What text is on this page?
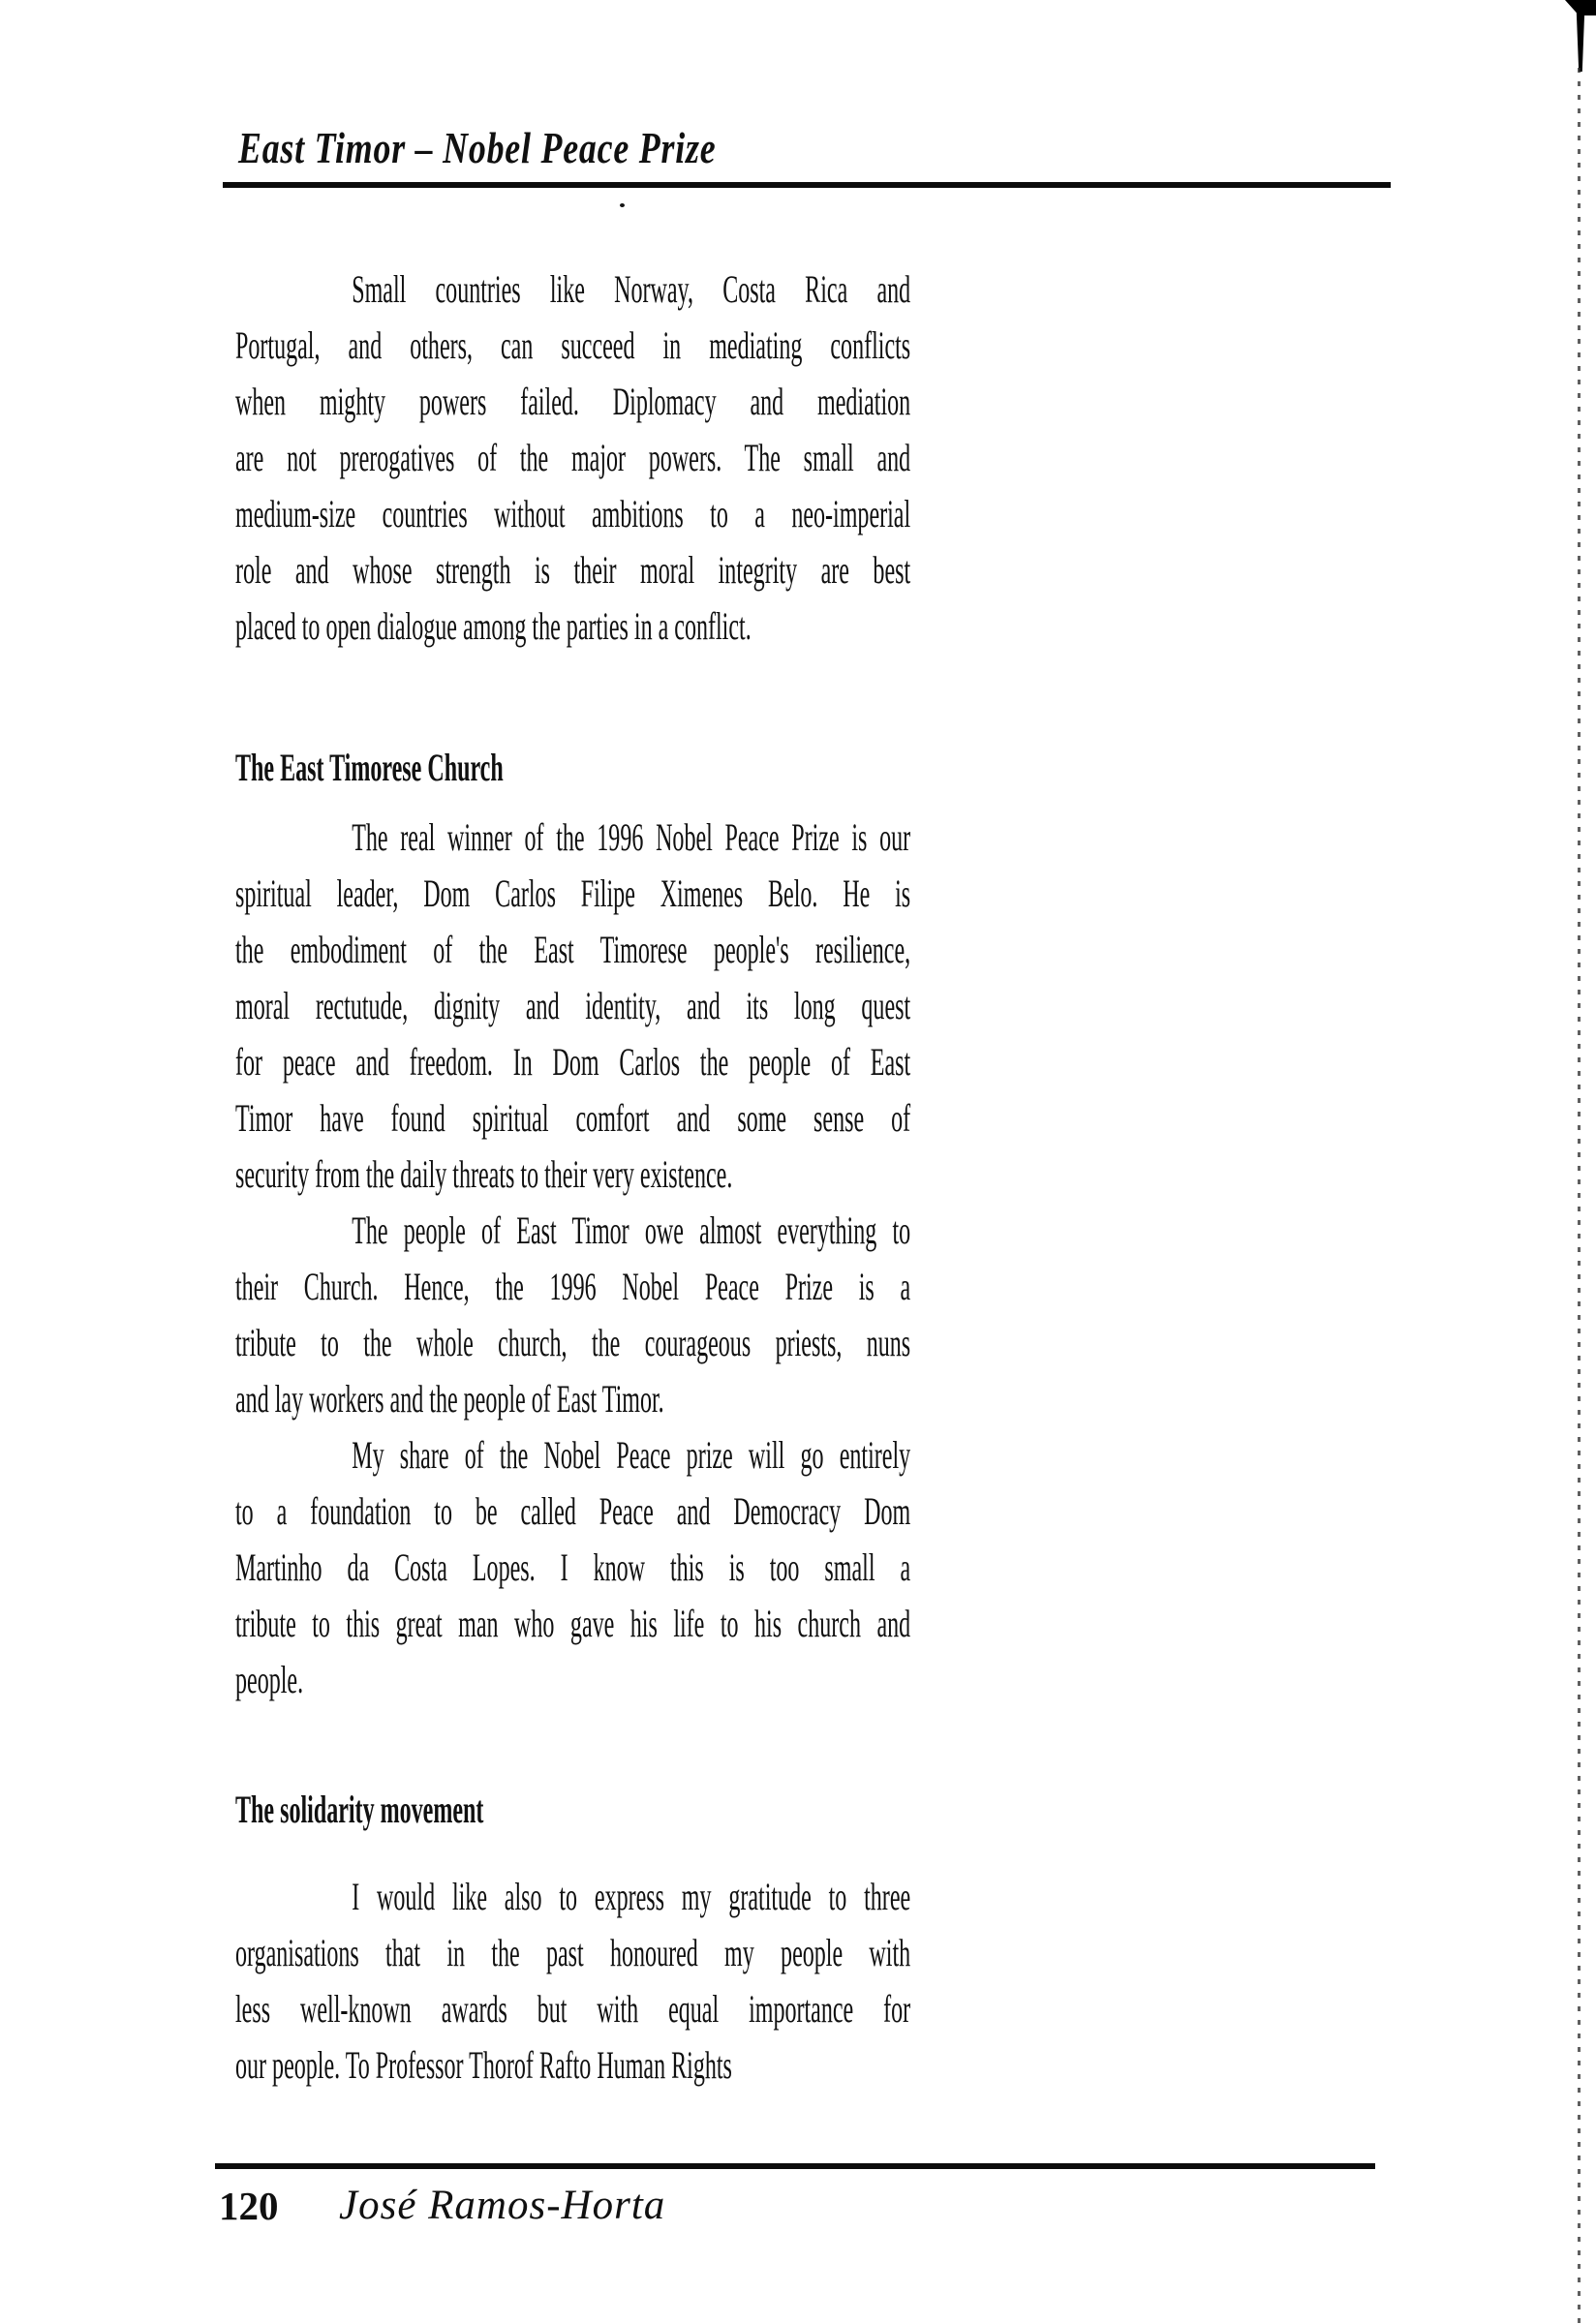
East Timor – Nobel Peace Prize
Small countries like Norway, Costa Rica and
Portugal, and others, can succeed in mediating conflicts
when mighty powers failed. Diplomacy and mediation
are not prerogatives of the major powers. The small and
medium-size countries without ambitions to a neo-imperial
role and whose strength is their moral integrity are best
placed to open dialogue among the parties in a conflict.
The East Timorese Church
The real winner of the 1996 Nobel Peace Prize is our
spiritual leader, Dom Carlos Filipe Ximenes Belo. He is
the embodiment of the East Timorese people's resilience,
moral rectutude, dignity and identity, and its long quest
for peace and freedom. In Dom Carlos the people of East
Timor have found spiritual comfort and some sense of
security from the daily threats to their very existence.
The people of East Timor owe almost everything to
their Church. Hence, the 1996 Nobel Peace Prize is a
tribute to the whole church, the courageous priests, nuns
and lay workers and the people of East Timor.
My share of the Nobel Peace prize will go entirely
to a foundation to be called Peace and Democracy Dom
Martinho da Costa Lopes. I know this is too small a
tribute to this great man who gave his life to his church and
people.
The solidarity movement
I would like also to express my gratitude to three
organisations that in the past honoured my people with
less well-known awards but with equal importance for
our people. To Professor Thorof Rafto Human Rights
120 José Ramos-Horta
